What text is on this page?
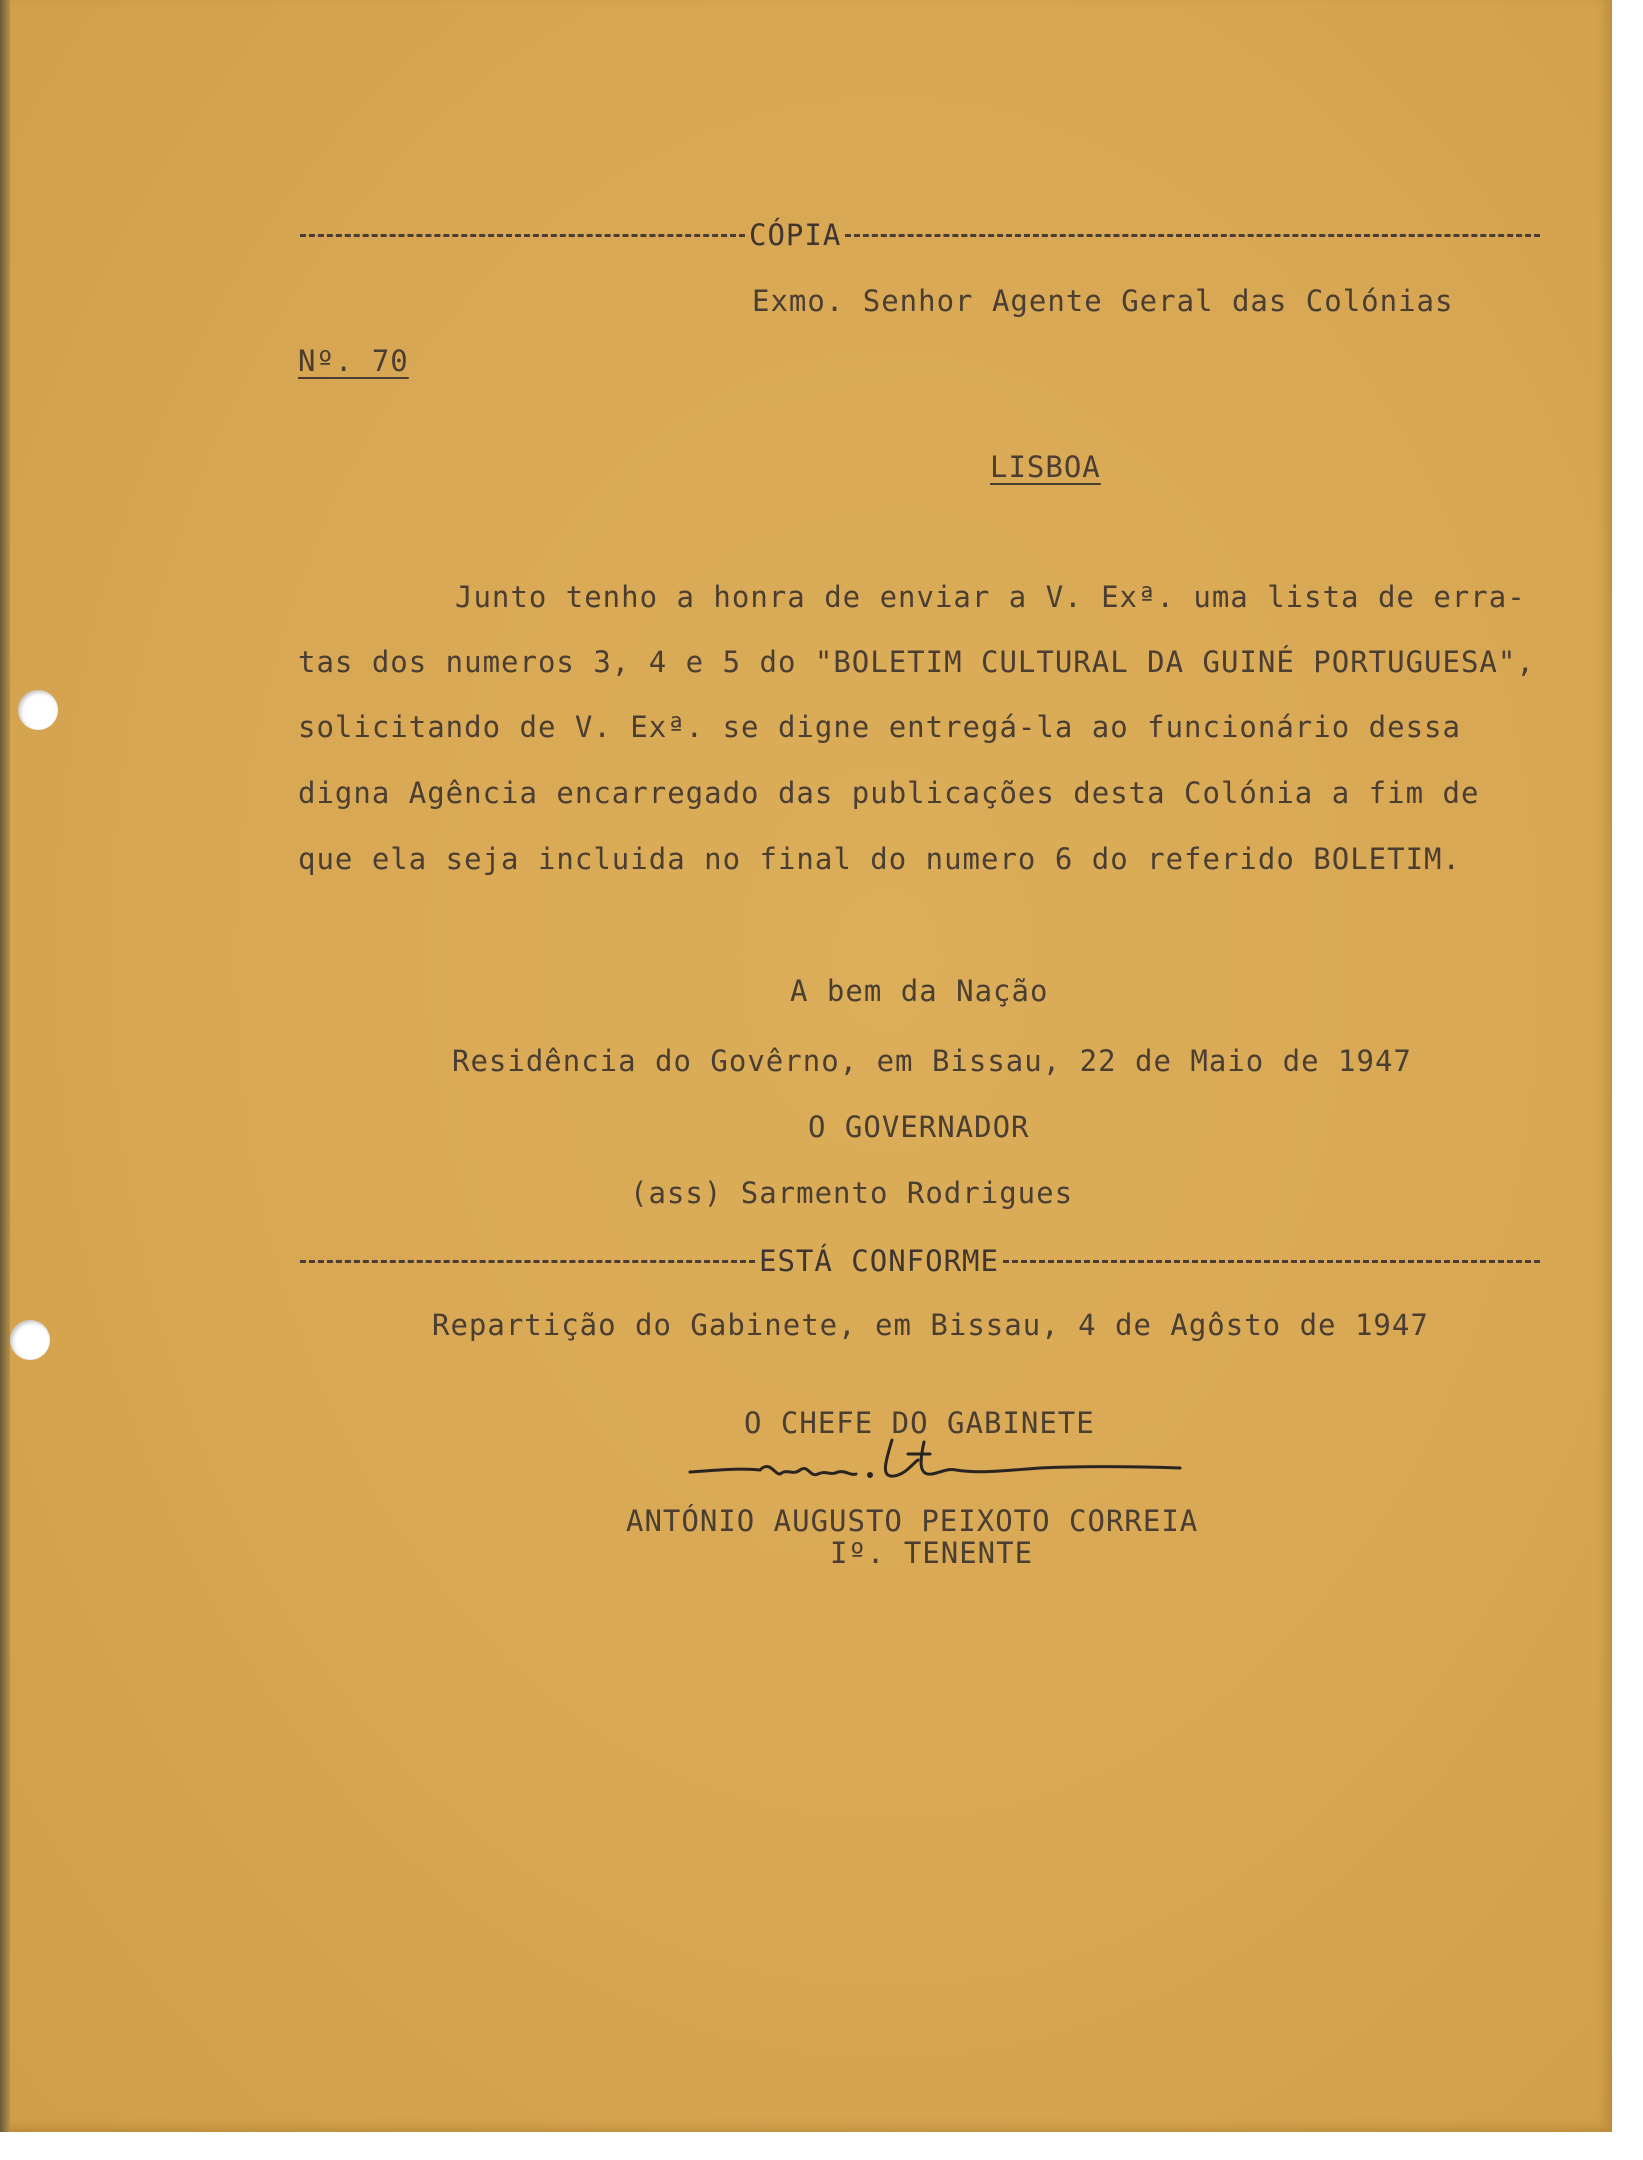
CÓPIA
Exmo. Senhor Agente Geral das Colónias
Nº. 70
LISBOA
Junto tenho a honra de enviar a V. Exª. uma lista de erra-
tas dos numeros 3, 4 e 5 do "BOLETIM CULTURAL DA GUINÉ PORTUGUESA",
solicitando de V. Exª. se digne entregá-la ao funcionário dessa
digna Agência encarregado das publicações desta Colónia a fim de
que ela seja incluida no final do numero 6 do referido BOLETIM.
A bem da Nação
Residência do Govêrno, em Bissau, 22 de Maio de 1947
O GOVERNADOR
(ass) Sarmento Rodrigues
ESTÁ CONFORME
Repartição do Gabinete, em Bissau, 4 de Agôsto de 1947
O CHEFE DO GABINETE
ANTÓNIO AUGUSTO PEIXOTO CORREIA
Iº. TENENTE
